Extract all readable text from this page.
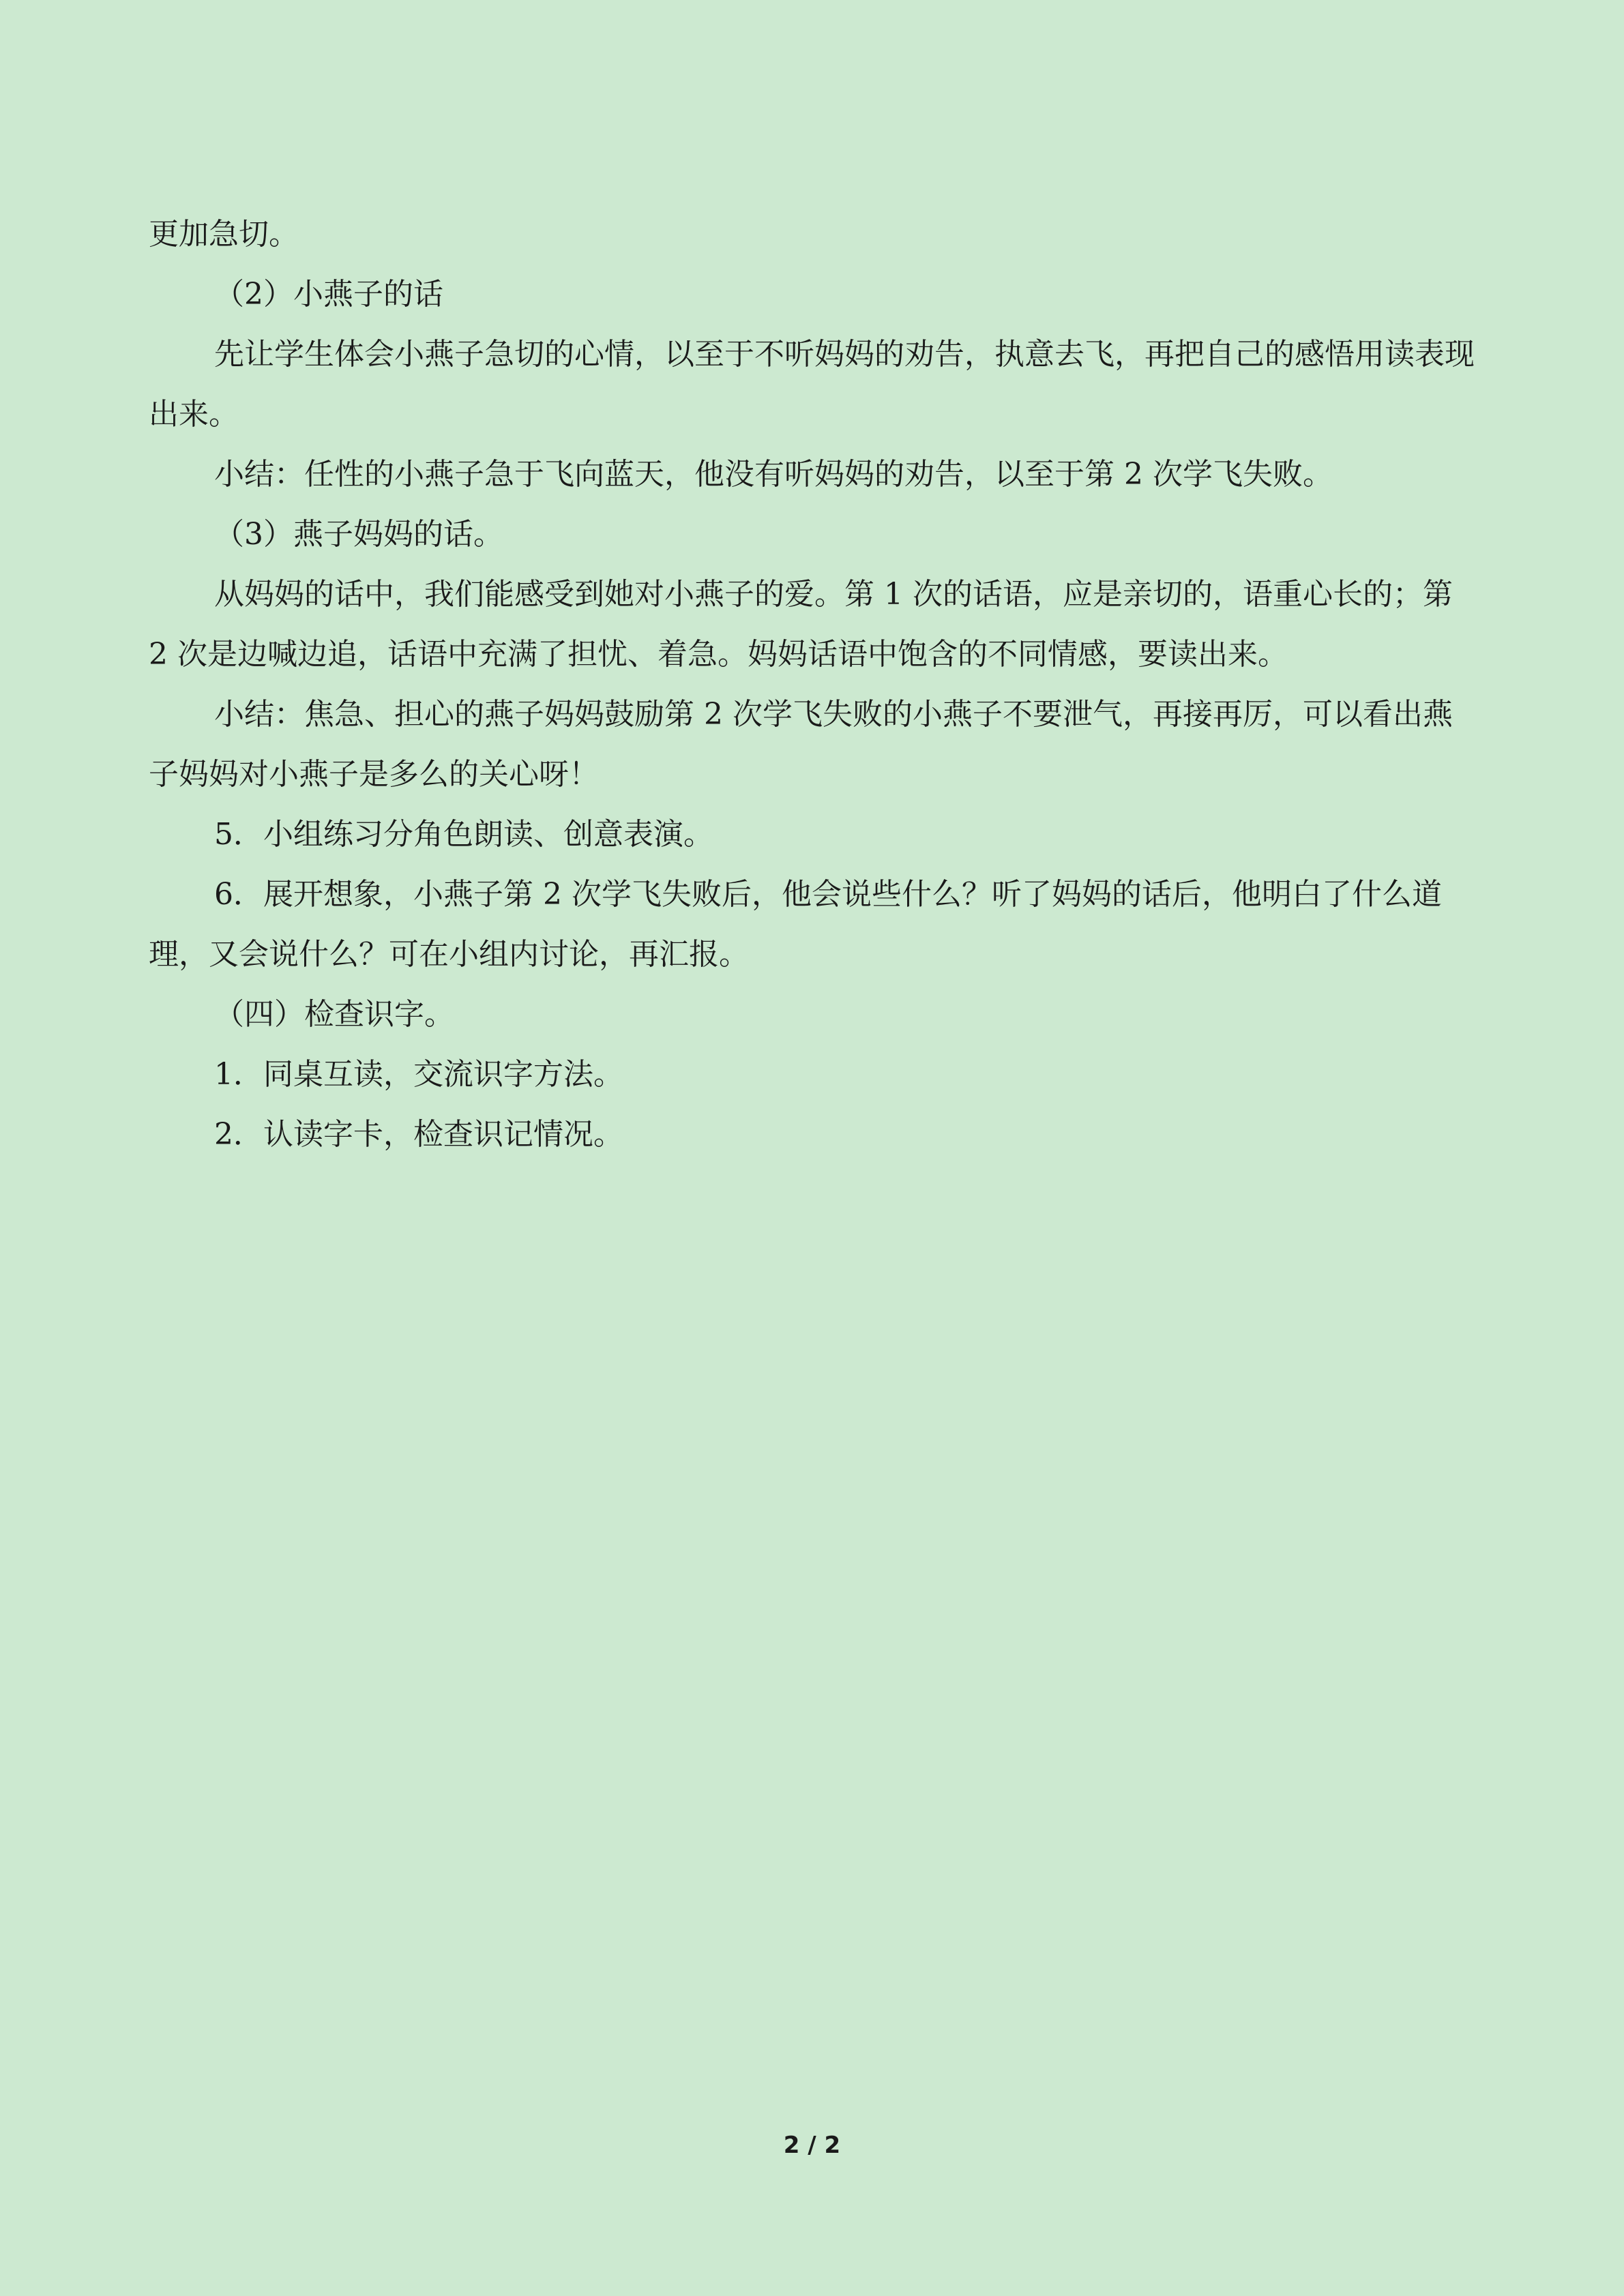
更加急切。

（2）小燕子的话

先让学生体会小燕子急切的心情，以至于不听妈妈的劝告，执意去飞，再把自己的感悟用读表现出来。

小结：任性的小燕子急于飞向蓝天，他没有听妈妈的劝告，以至于第 2 次学飞失败。

（3）燕子妈妈的话。

从妈妈的话中，我们能感受到她对小燕子的爱。第 1 次的话语，应是亲切的，语重心长的；第 2 次是边喊边追，话语中充满了担忧、着急。妈妈话语中饱含的不同情感，要读出来。

小结：焦急、担心的燕子妈妈鼓励第 2 次学飞失败的小燕子不要泄气，再接再厉，可以看出燕子妈妈对小燕子是多么的关心呀！

5．小组练习分角色朗读、创意表演。

6．展开想象，小燕子第 2 次学飞失败后，他会说些什么？听了妈妈的话后，他明白了什么道理，又会说什么？可在小组内讨论，再汇报。

（四）检查识字。

1．同桌互读，交流识字方法。

2．认读字卡，检查识记情况。

2 / 2
